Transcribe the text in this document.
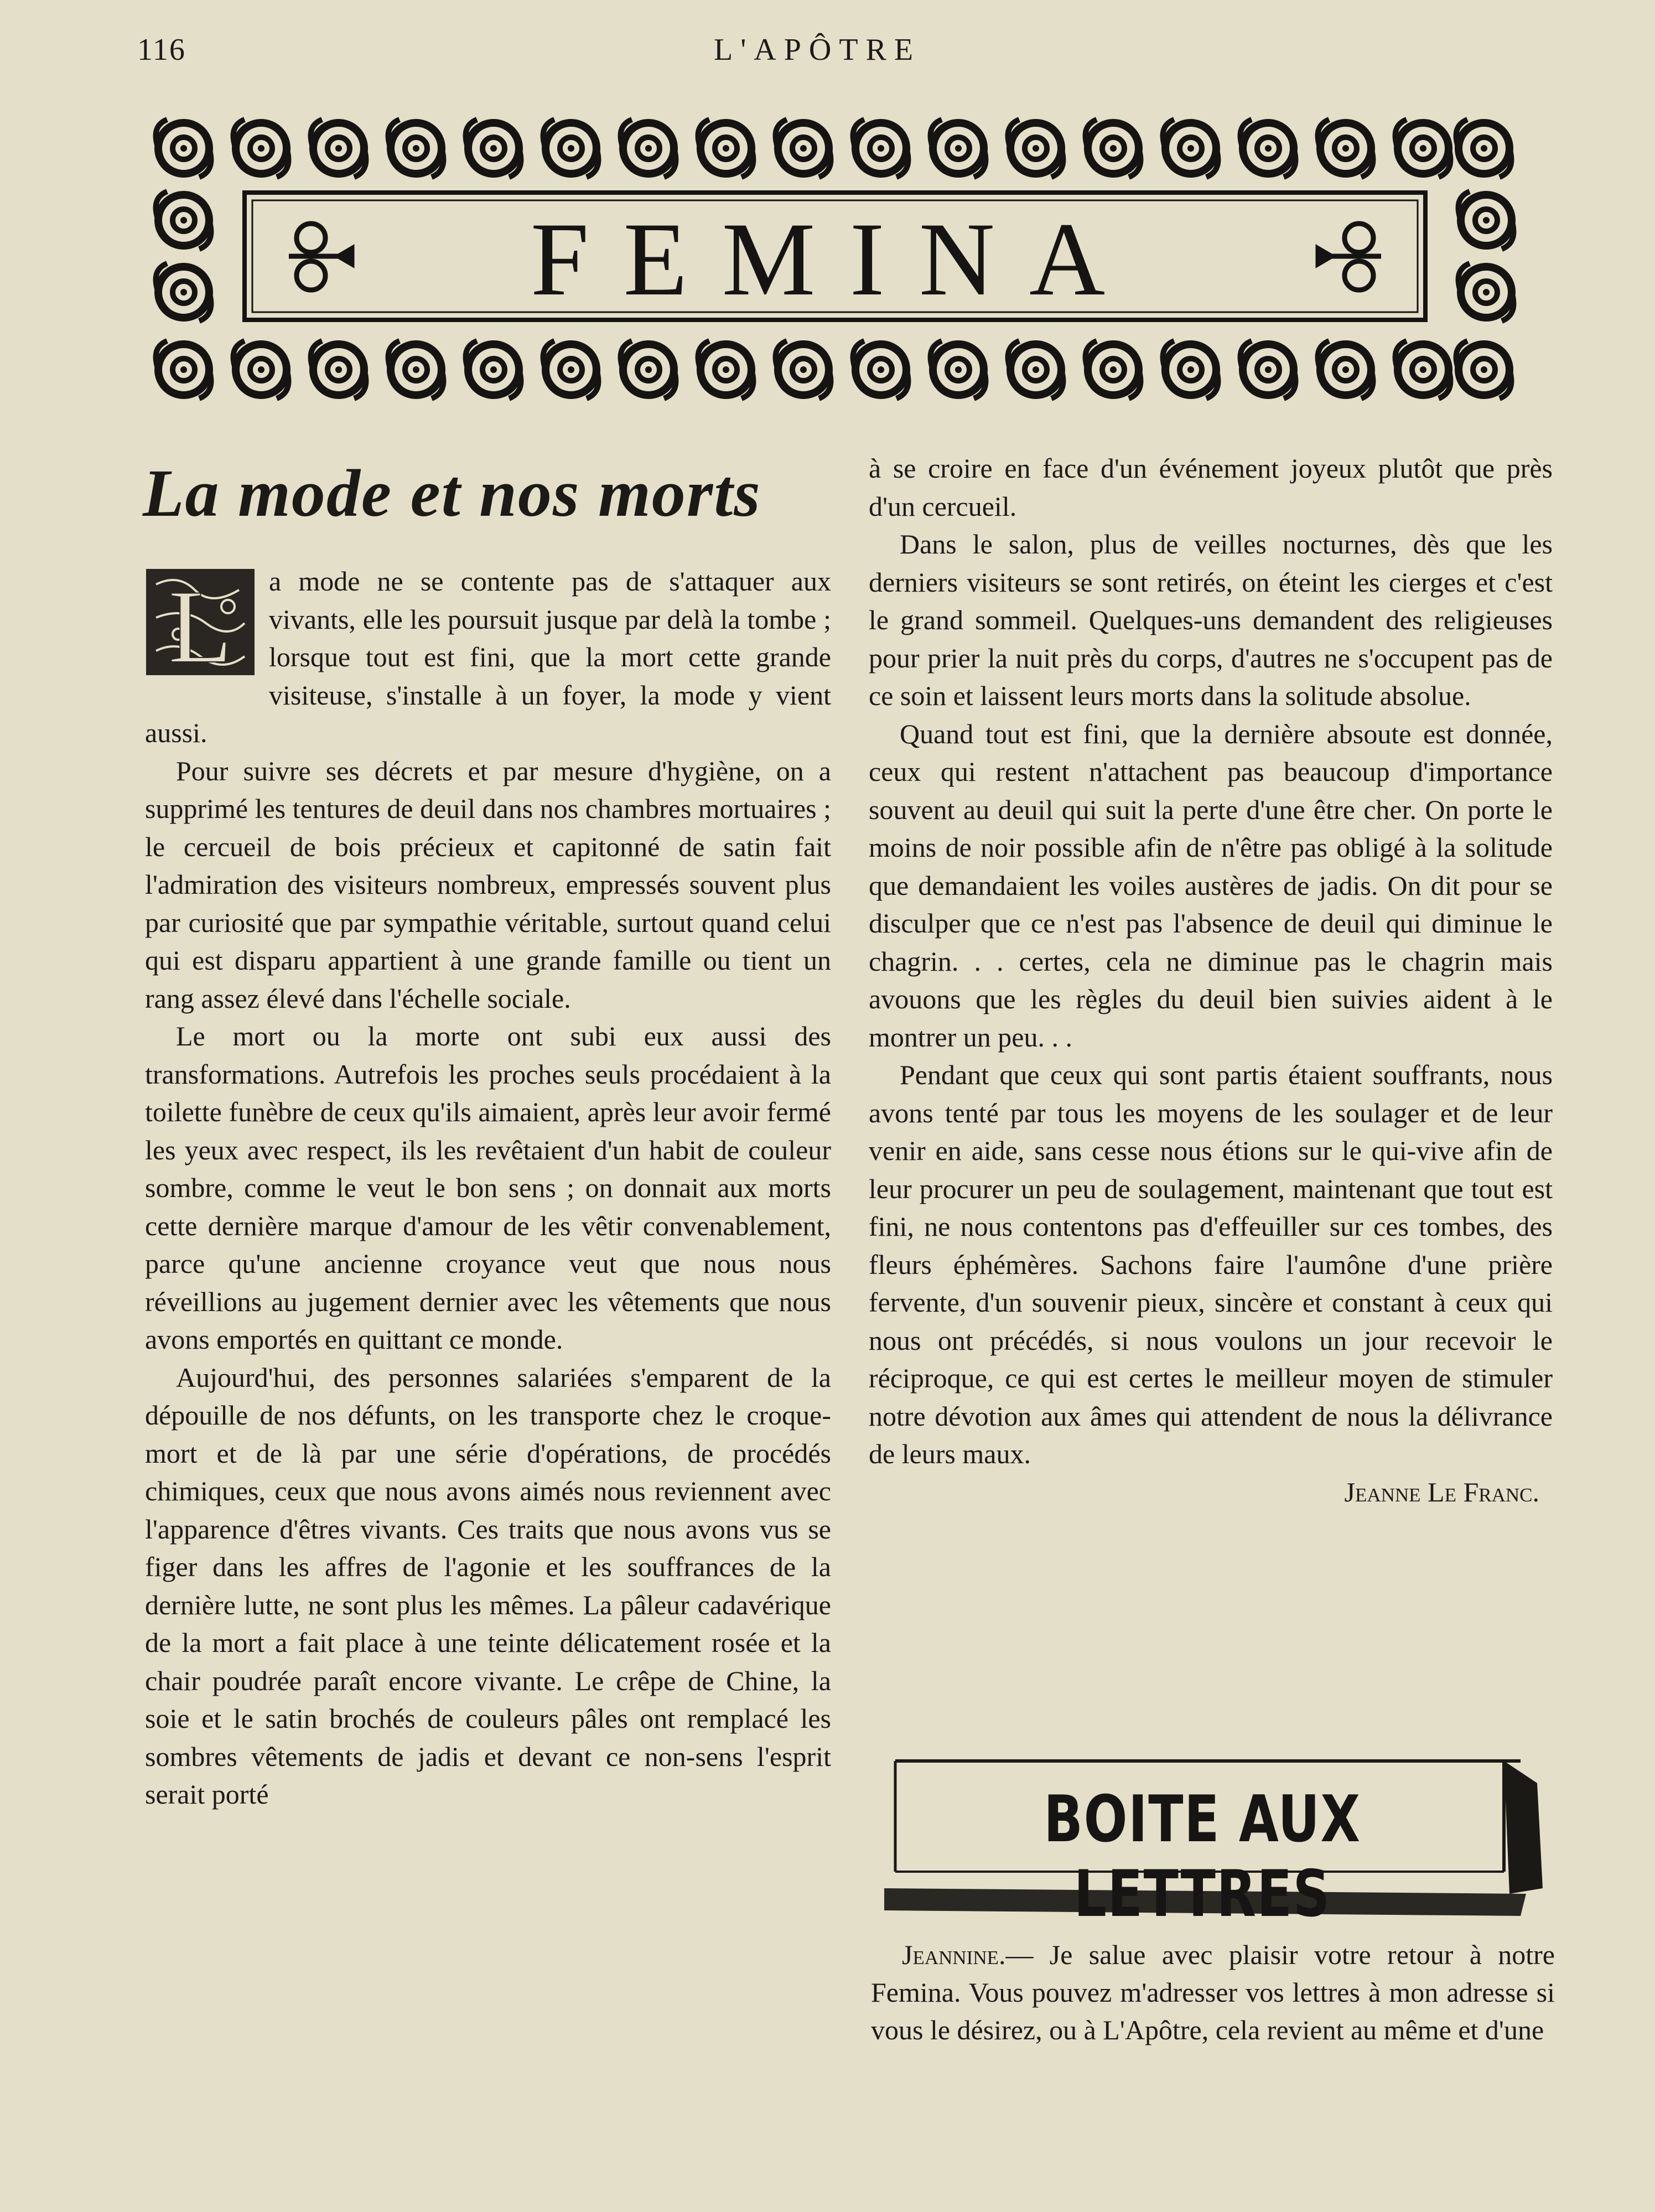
116	L'APÔTRE
FEMINA
La mode et nos morts

L a mode ne se contente pas de s'attaquer aux vivants, elle les poursuit jusque par delà la tombe ; lorsque tout est fini, que la mort cette grande visiteuse, s'installe à un foyer, la mode y vient aussi.

Pour suivre ses décrets et par mesure d'hygiène, on a supprimé les tentures de deuil dans nos chambres mortuaires ; le cercueil de bois précieux et capitonné de satin fait l'admiration des visiteurs nombreux, empressés souvent plus par curiosité que par sympathie véritable, surtout quand celui qui est disparu appartient à une grande famille ou tient un rang assez élevé dans l'échelle sociale.

Le mort ou la morte ont subi eux aussi des transformations. Autrefois les proches seuls procédaient à la toilette funèbre de ceux qu'ils aimaient, après leur avoir fermé les yeux avec respect, ils les revêtaient d'un habit de couleur sombre, comme le veut le bon sens ; on donnait aux morts cette dernière marque d'amour de les vêtir convenablement, parce qu'une ancienne croyance veut que nous nous réveillions au jugement dernier avec les vêtements que nous avons emportés en quittant ce monde.

Aujourd'hui, des personnes salariées s'emparent de la dépouille de nos défunts, on les transporte chez le croque-mort et de là par une série d'opérations, de procédés chimiques, ceux que nous avons aimés nous reviennent avec l'apparence d'êtres vivants. Ces traits que nous avons vus se figer dans les affres de l'agonie et les souffrances de la dernière lutte, ne sont plus les mêmes. La pâleur cadavérique de la mort a fait place à une teinte délicatement rosée et la chair poudrée paraît encore vivante. Le crêpe de Chine, la soie et le satin brochés de couleurs pâles ont remplacé les sombres vêtements de jadis et devant ce non-sens l'esprit serait porté

à se croire en face d'un événement joyeux plutôt que près d'un cercueil.

Dans le salon, plus de veilles nocturnes, dès que les derniers visiteurs se sont retirés, on éteint les cierges et c'est le grand sommeil. Quelques-uns demandent des religieuses pour prier la nuit près du corps, d'autres ne s'occupent pas de ce soin et laissent leurs morts dans la solitude absolue.

Quand tout est fini, que la dernière absoute est donnée, ceux qui restent n'attachent pas beaucoup d'importance souvent au deuil qui suit la perte d'une être cher. On porte le moins de noir possible afin de n'être pas obligé à la solitude que demandaient les voiles austères de jadis. On dit pour se disculper que ce n'est pas l'absence de deuil qui diminue le chagrin. . . certes, cela ne diminue pas le chagrin mais avouons que les règles du deuil bien suivies aident à le montrer un peu. . .

Pendant que ceux qui sont partis étaient souffrants, nous avons tenté par tous les moyens de les soulager et de leur venir en aide, sans cesse nous étions sur le qui-vive afin de leur procurer un peu de soulagement, maintenant que tout est fini, ne nous contentons pas d'effeuiller sur ces tombes, des fleurs éphémères. Sachons faire l'aumône d'une prière fervente, d'un souvenir pieux, sincère et constant à ceux qui nous ont précédés, si nous voulons un jour recevoir le réciproque, ce qui est certes le meilleur moyen de stimuler notre dévotion aux âmes qui attendent de nous la délivrance de leurs maux.

Jeanne Le Franc.

BOITE AUX LETTRES

Jeannine.— Je salue avec plaisir votre retour à notre Femina. Vous pouvez m'adresser vos lettres à mon adresse si vous le désirez, ou à L'Apôtre, cela revient au même et d'une
